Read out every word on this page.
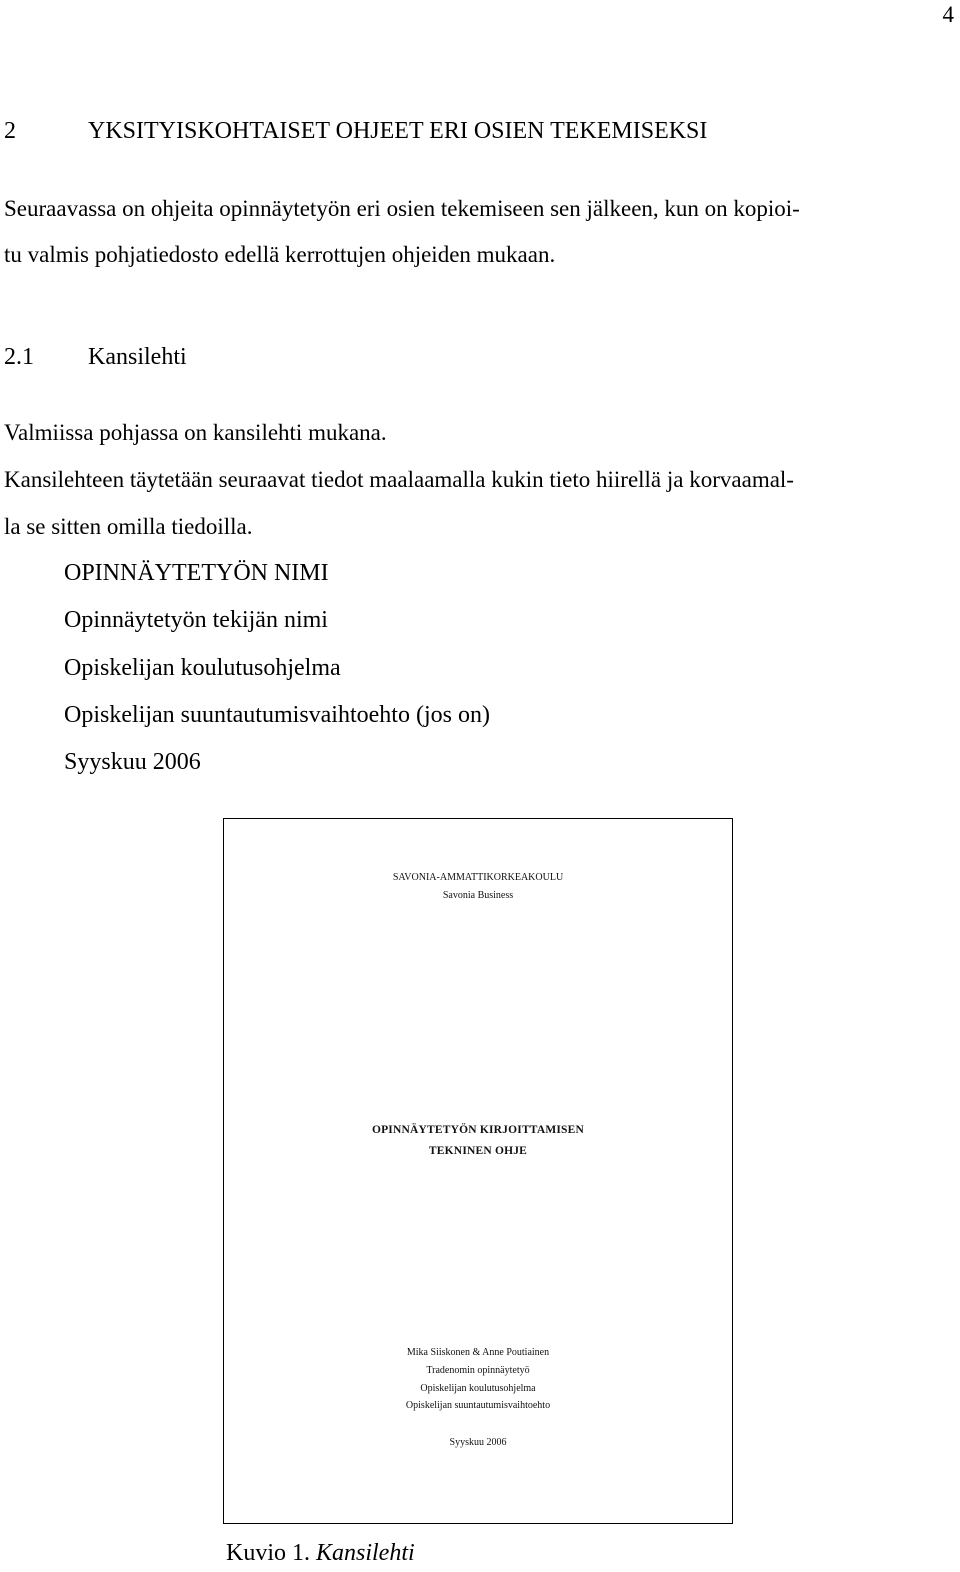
4
2	YKSITYISKOHTAISET OHJEET ERI OSIEN TEKEMISEKSI
Seuraavassa on ohjeita opinnäytetyön eri osien tekemiseen sen jälkeen, kun on kopioi-
tu valmis pohjatiedosto edellä kerrottujen ohjeiden mukaan.
2.1 Kansilehti
Valmiissa pohjassa on kansilehti mukana.
Kansilehteen täytetään seuraavat tiedot maalaamalla kukin tieto hiirellä ja korvaamal-
la se sitten omilla tiedoilla.
OPINNÄYTETYÖN NIMI
Opinnäytetyön tekijän nimi
Opiskelijan koulutusohjelma
Opiskelijan suuntautumisvaihtoehto (jos on)
Syyskuu 2006
SAVONIA-AMMATTIKORKEAKOULU
Savonia Business
OPINNÄYTETYÖN KIRJOITTAMISEN
TEKNINEN OHJE
Mika Siiskonen & Anne Poutiainen
Tradenomin opinnäytetyö
Opiskelijan koulutusohjelma
Opiskelijan suuntautumisvaihtoehto
Syyskuu 2006
Kuvio 1. Kansilehti
